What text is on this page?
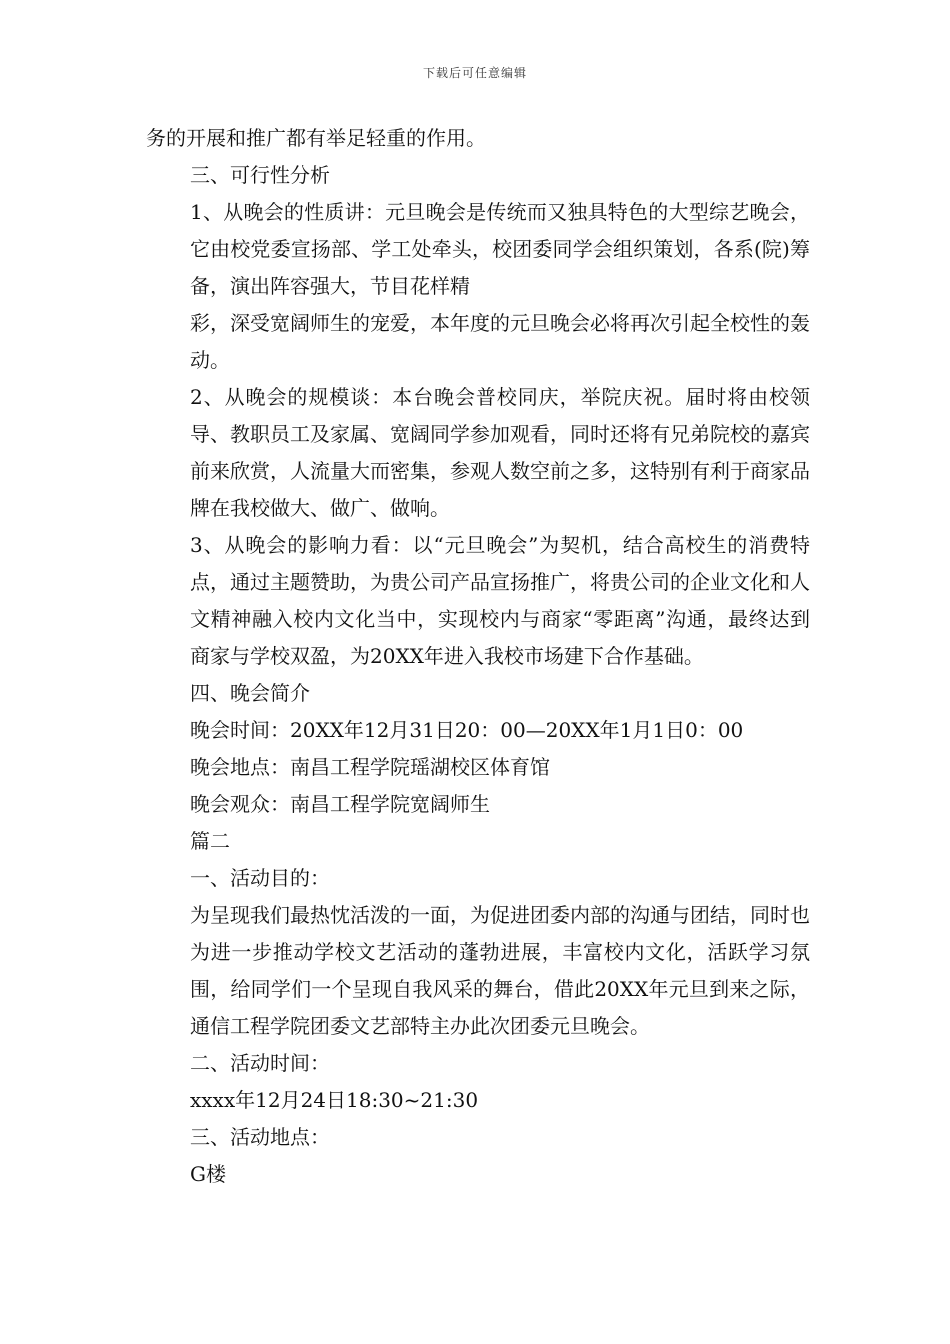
下载后可任意编辑

务的开展和推广都有举足轻重的作用。

三、可行性分析

1、从晚会的性质讲：元旦晚会是传统而又独具特色的大型综艺晚会，它由校党委宣扬部、学工处牵头，校团委同学会组织策划，各系(院)筹备，演出阵容强大，节目花样精

彩，深受宽阔师生的宠爱，本年度的元旦晚会必将再次引起全校性的轰动。

2、从晚会的规模谈：本台晚会普校同庆，举院庆祝。届时将由校领导、教职员工及家属、宽阔同学参加观看，同时还将有兄弟院校的嘉宾前来欣赏，人流量大而密集，参观人数空前之多，这特别有利于商家品牌在我校做大、做广、做响。

3、从晚会的影响力看：以“元旦晚会”为契机，结合高校生的消费特点，通过主题赞助，为贵公司产品宣扬推广，将贵公司的企业文化和人文精神融入校内文化当中，实现校内与商家“零距离”沟通，最终达到商家与学校双盈，为20XX年进入我校市场建下合作基础。

四、晚会简介

晚会时间：20XX年12月31日20：00—20XX年1月1日0：00

晚会地点：南昌工程学院瑶湖校区体育馆

晚会观众：南昌工程学院宽阔师生

篇二

一、活动目的：

为呈现我们最热忱活泼的一面，为促进团委内部的沟通与团结，同时也为进一步推动学校文艺活动的蓬勃进展，丰富校内文化，活跃学习氛围，给同学们一个呈现自我风采的舞台，借此20XX年元旦到来之际，通信工程学院团委文艺部特主办此次团委元旦晚会。

二、活动时间：

xxxx年12月24日18:30~21:30

三、活动地点：

G楼
